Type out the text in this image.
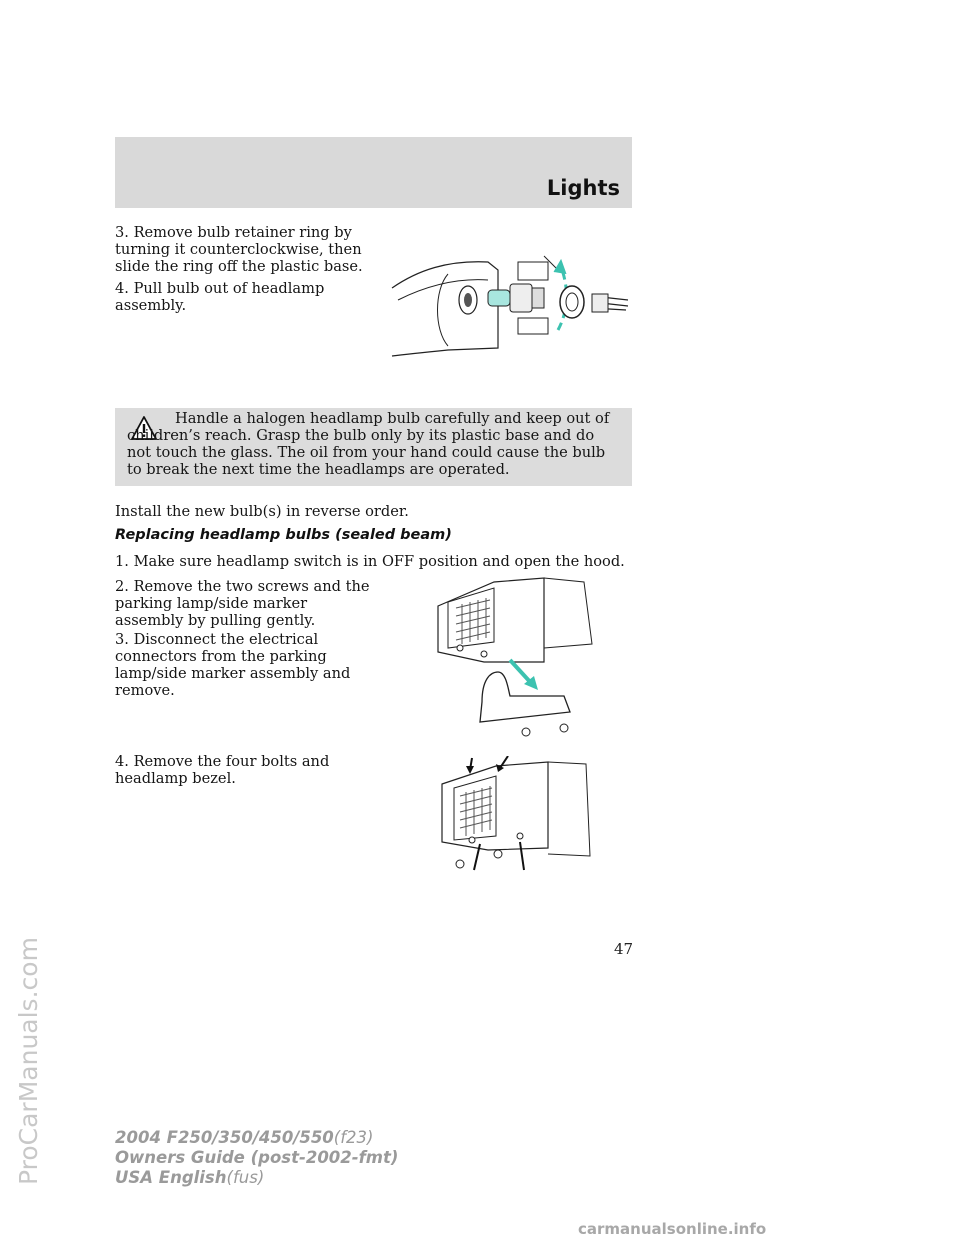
Lights

3. Remove bulb retainer ring by turning it counterclockwise, then slide the ring off the plastic base.

4. Pull bulb out of headlamp assembly.

Handle a halogen headlamp bulb carefully and keep out of children’s reach. Grasp the bulb only by its plastic base and do not touch the glass. The oil from your hand could cause the bulb to break the next time the headlamps are operated.

Install the new bulb(s) in reverse order.

Replacing headlamp bulbs (sealed beam)

1. Make sure headlamp switch is in OFF position and open the hood.

2. Remove the two screws and the parking lamp/side marker assembly by pulling gently.

3. Disconnect the electrical connectors from the parking lamp/side marker assembly and remove.

4. Remove the four bolts and headlamp bezel.

47

2004 F250/350/450/550(f23)
Owners Guide (post-2002-fmt)
USA English(fus)
ProCarManuals.com
carmanualsonline.info
